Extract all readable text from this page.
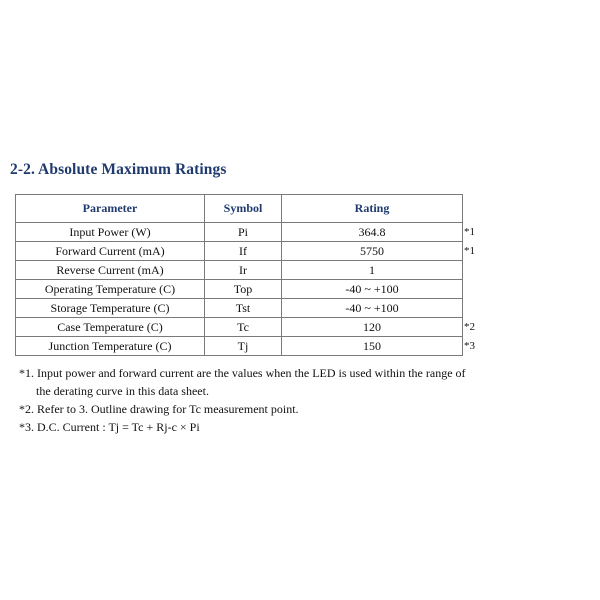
2-2. Absolute Maximum Ratings
Parameter	Symbol	Rating	
Input Power (W)	Pi	364.8	*1
Forward Current (mA)	If	5750	*1
Reverse Current (mA)	Ir	1	
Operating Temperature (C)	Top	-40 ~ +100	
Storage Temperature (C)	Tst	-40 ~ +100	
Case Temperature (C)	Tc	120	*2
Junction Temperature (C)	Tj	150	*3

*1. Input power and forward current are the values when the LED is used within the range of

the derating curve in this data sheet.

*2. Refer to 3. Outline drawing for Tc measurement point.

*3. D.C. Current : Tj = Tc + Rj-c × Pi
